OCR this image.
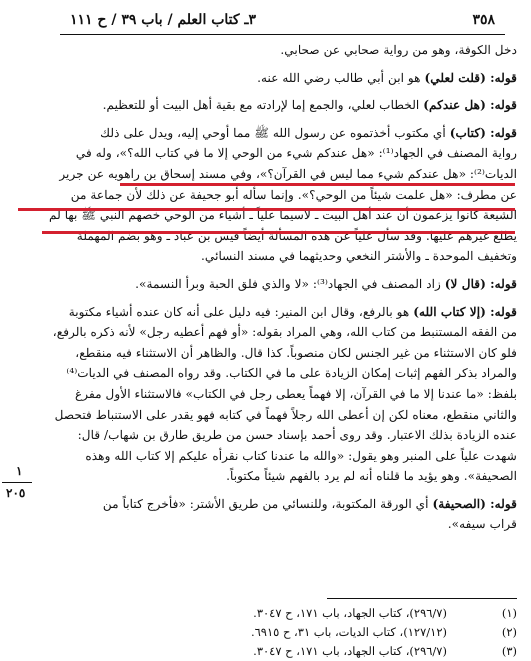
٣٥٨
٣ـ كتاب العلم / باب ٣٩ / ح ١١١
دخل الكوفة، وهو من رواية صحابي عن صحابي.
قوله: (قلت لعلي) هو ابن أبي طالب رضي الله عنه.
قوله: (هل عندكم) الخطاب لعلي، والجمع إما لإرادته مع بقية أهل البيت أو للتعظيم.
قوله: (كتاب) أي مكتوب أخذتموه عن رسول الله ﷺ مما أوحي إليه، ويدل على ذلك
رواية المصنف في الجهاد⁽¹⁾: «هل عندكم شيء من الوحي إلا ما في كتاب الله؟»، وله في
الديات⁽²⁾: «هل عندكم شيء مما ليس في القرآن؟»، وفي مسند إسحاق بن راهويه عن جرير
عن مطرف: «هل علمت شيئاً من الوحي؟». وإنما سأله أبو جحيفة عن ذلك لأن جماعة من
الشيعة كانوا يزعمون أن عند أهل البيت ـ لاسيما علياً ـ أشياء من الوحي خصهم النبي ﷺ بها لم
يطلع غيرهم عليها. وقد سأل علياً عن هذه المسألة أيضاً قيس بن عباد ـ وهو بضم المهملة
وتخفيف الموحدة ـ والأشتر النخعي وحديثهما في مسند النسائي.
قوله: (قال لا) زاد المصنف في الجهاد⁽³⁾: «لا والذي فلق الحبة وبرأ النسمة».
قوله: (إلا كتاب الله) هو بالرفع، وقال ابن المنير: فيه دليل على أنه كان عنده أشياء مكتوبة
من الفقه المستنبط من كتاب الله، وهي المراد بقوله: «أو فهم أعطيه رجل» لأنه ذكره بالرفع،
فلو كان الاستثناء من غير الجنس لكان منصوباً. كذا قال. والظاهر أن الاستثناء فيه منقطع،
والمراد بذكر الفهم إثبات إمكان الزيادة على ما في الكتاب. وقد رواه المصنف في الديات⁽⁴⁾
بلفظ: «ما عندنا إلا ما في القرآن، إلا فهماً يعطى رجل في الكتاب» فالاستثناء الأول مفرغ
والثاني منقطع، معناه لكن إن أعطى الله رجلاً فهماً في كتابه فهو يقدر على الاستنباط فتحصل
عنده الزيادة بذلك الاعتبار. وقد روى أحمد بإسناد حسن من طريق طارق بن شهاب/ قال:
شهدت علياً على المنبر وهو يقول: «والله ما عندنا كتاب نقرأه عليكم إلا كتاب الله وهذه
الصحيفة». وهو يؤيد ما قلناه أنه لم يرد بالفهم شيئاً مكتوباً.
قوله: (الصحيفة) أي الورقة المكتوبة، وللنسائي من طريق الأشتر: «فأخرج كتاباً من
قراب سيفه».
١
٢٠٥
(١)
(٢٩٦/٧)، كتاب الجهاد، باب ١٧١، ح ٣٠٤٧.
(٢)
(١٢٧/١٢)، كتاب الديات، باب ٣١، ح ٦٩١٥.
(٣)
(٢٩٦/٧)، كتاب الجهاد، باب ١٧١، ح ٣٠٤٧.
